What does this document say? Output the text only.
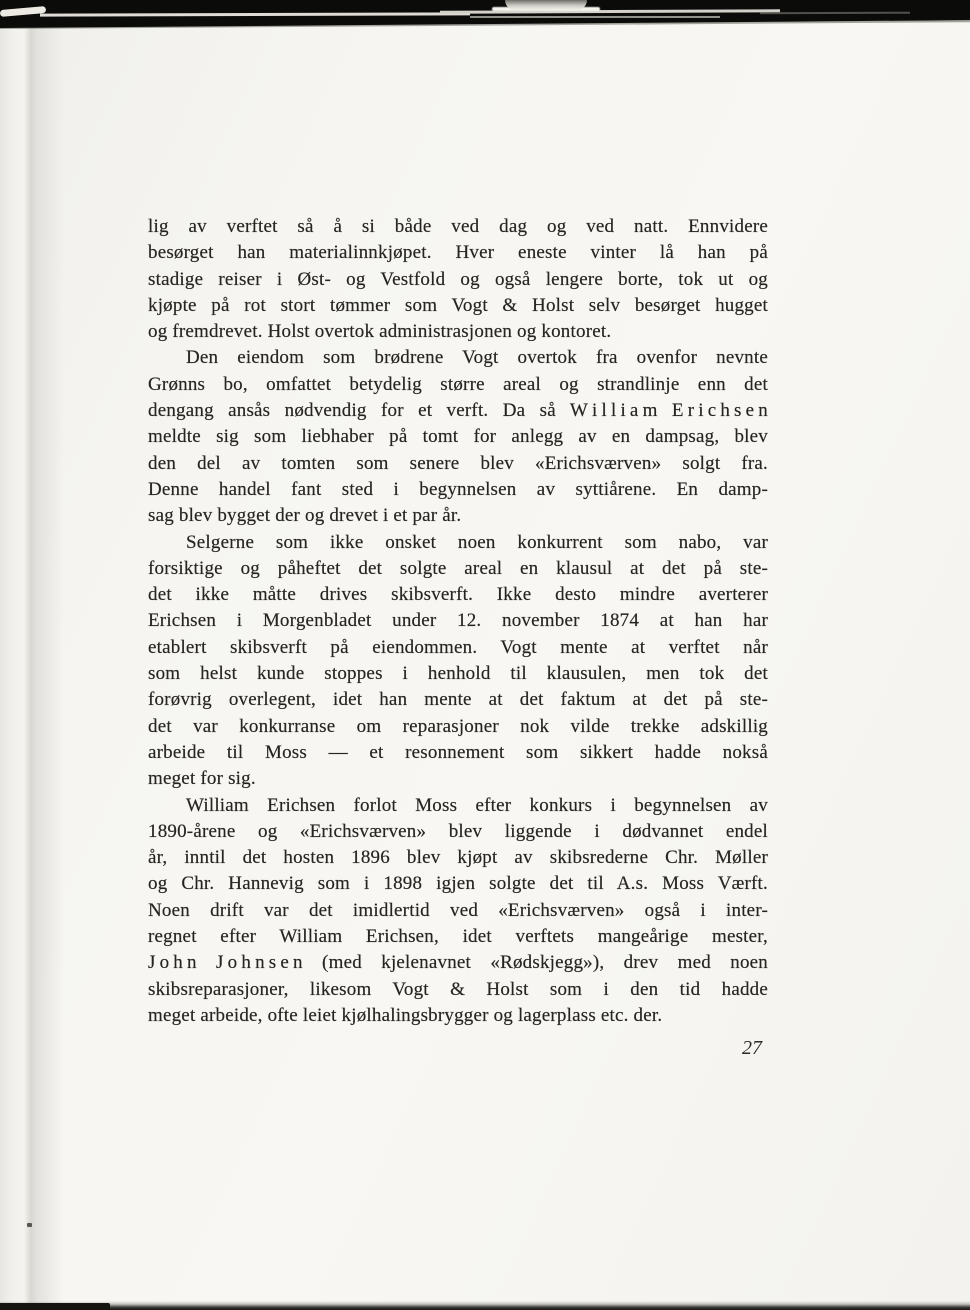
lig av verftet så å si både ved dag og ved natt. Ennvidere
besørget han materialinnkjøpet. Hver eneste vinter lå han på
stadige reiser i Øst- og Vestfold og også lengere borte, tok ut og
kjøpte på rot stort tømmer som Vogt & Holst selv besørget hugget
og fremdrevet. Holst overtok administrasjonen og kontoret.
Den eiendom som brødrene Vogt overtok fra ovenfor nevnte
Grønns bo, omfattet betydelig større areal og strandlinje enn det
dengang ansås nødvendig for et verft. Da så W i l l i a m E r i c h s e n
meldte sig som liebhaber på tomt for anlegg av en dampsag, blev
den del av tomten som senere blev «Erichsværven» solgt fra.
Denne handel fant sted i begynnelsen av syttiårene. En damp-
sag blev bygget der og drevet i et par år.
Selgerne som ikke onsket noen konkurrent som nabo, var
forsiktige og påheftet det solgte areal en klausul at det på ste-
det ikke måtte drives skibsverft. Ikke desto mindre averterer
Erichsen i Morgenbladet under 12. november 1874 at han har
etablert skibsverft på eiendommen. Vogt mente at verftet når
som helst kunde stoppes i henhold til klausulen, men tok det
forøvrig overlegent, idet han mente at det faktum at det på ste-
det var konkurranse om reparasjoner nok vilde trekke adskillig
arbeide til Moss — et resonnement som sikkert hadde nokså
meget for sig.
William Erichsen forlot Moss efter konkurs i begynnelsen av
1890-årene og «Erichsværven» blev liggende i dødvannet endel
år, inntil det hosten 1896 blev kjøpt av skibsrederne Chr. Møller
og Chr. Hannevig som i 1898 igjen solgte det til A.s. Moss Værft.
Noen drift var det imidlertid ved «Erichsværven» også i inter-
regnet efter William Erichsen, idet verftets mangeårige mester,
J o h n J o h n s e n (med kjelenavnet «Rødskjegg»), drev med noen
skibsreparasjoner, likesom Vogt & Holst som i den tid hadde
meget arbeide, ofte leiet kjølhalingsbrygger og lagerplass etc. der.
27
